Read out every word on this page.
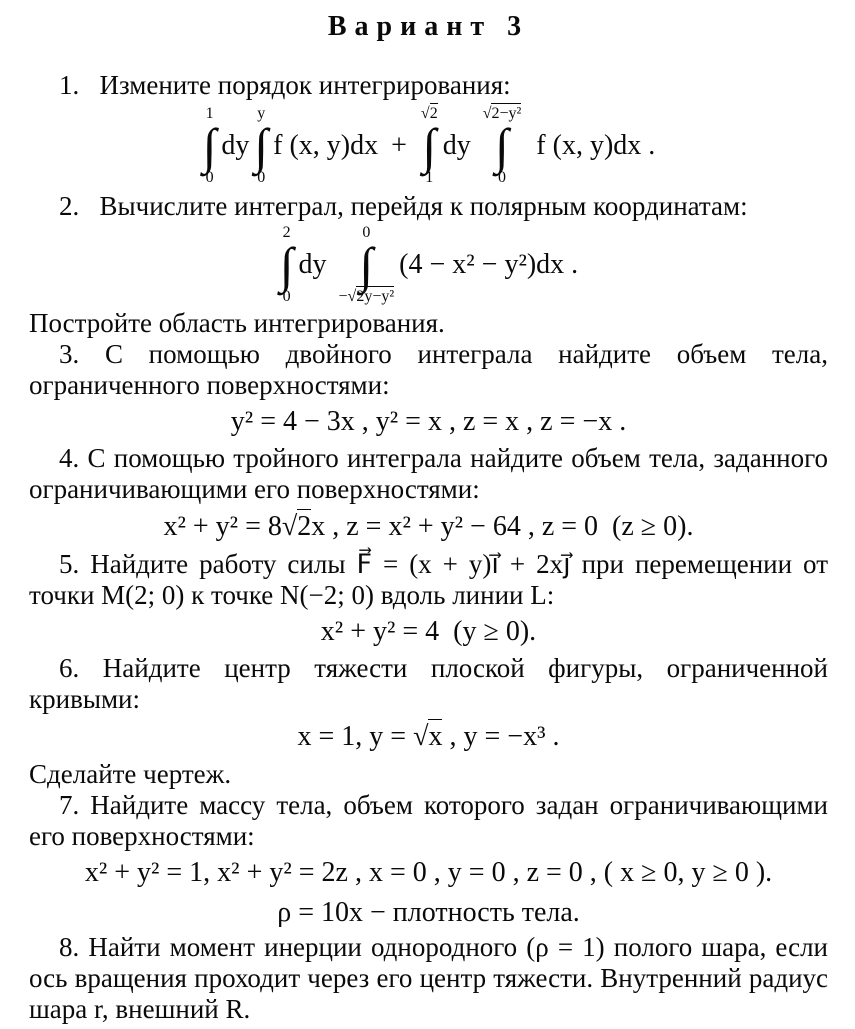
Вариант 3
1.   Измените порядок интегрирования:
1
∫
0
dy
y
∫
0
f (x, y)dx +
√2
∫
1
dy
√2−y²
∫
0
f (x, y)dx .
2.   Вычислите интеграл, перейдя к полярным координатам:
2
∫
0
dy
0
∫
−√2y−y²
(4 − x² − y²)dx .
Постройте область интегрирования.
3. С помощью двойного интеграла найдите объем тела,
ограниченного поверхностями:
y² = 4 − 3x , y² = x , z = x , z = −x .
4. С помощью тройного интеграла найдите объем тела, заданного
ограничивающими его поверхностями:
x² + y² = 8√2x , z = x² + y² − 64 , z = 0 (z ≥ 0).
5. Найдите работу силы F⃗ = (x + y)i⃗ + 2xj⃗ при перемещении от
точки M(2; 0) к точке N(−2; 0) вдоль линии L:
x² + y² = 4 (y ≥ 0).
6. Найдите центр тяжести плоской фигуры, ограниченной
кривыми:
x = 1, y = √x , y = −x³ .
Сделайте чертеж.
7. Найдите массу тела, объем которого задан ограничивающими
его поверхностями:
x² + y² = 1, x² + y² = 2z , x = 0 , y = 0 , z = 0 , ( x ≥ 0, y ≥ 0 ).
ρ = 10x − плотность тела.
8. Найти момент инерции однородного (ρ = 1) полого шара, если
ось вращения проходит через его центр тяжести. Внутренний радиус
шара r, внешний R.
